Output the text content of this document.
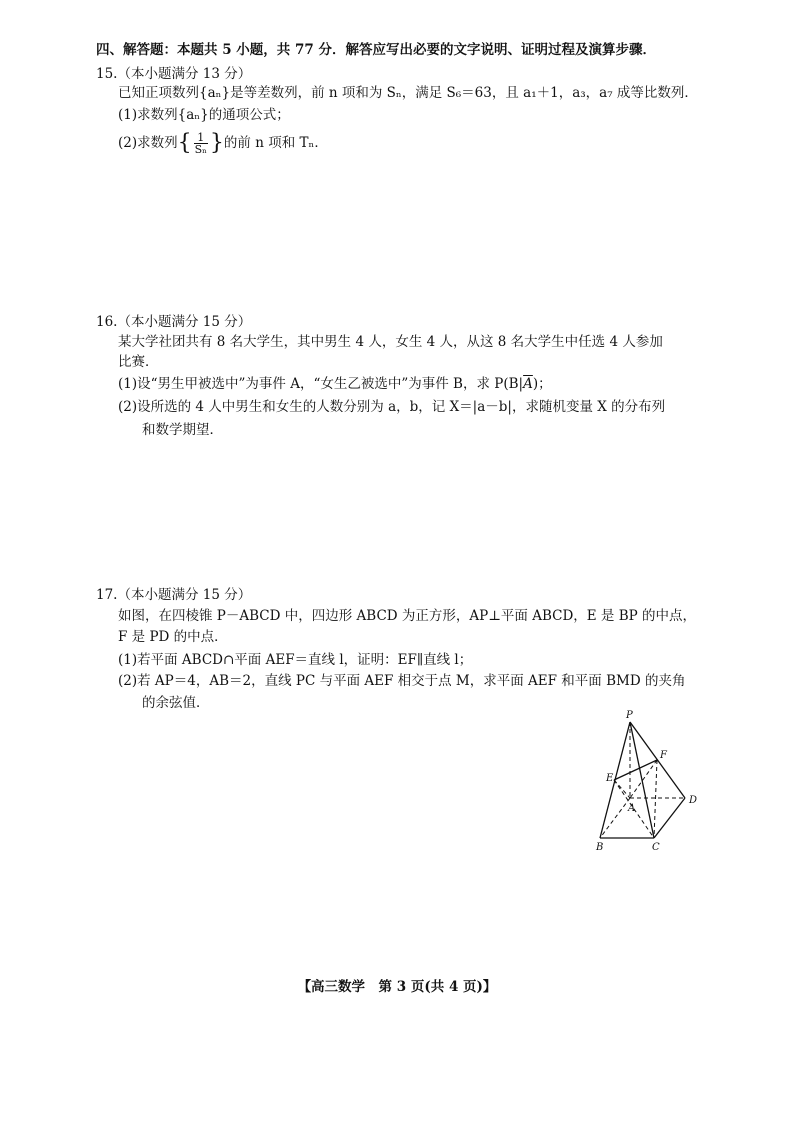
四、解答题：本题共 5 小题，共 77 分．解答应写出必要的文字说明、证明过程及演算步骤．
15.（本小题满分 13 分）
已知正项数列{aₙ}是等差数列，前 n 项和为 Sₙ，满足 S₆＝63，且 a₁＋1，a₃，a₇ 成等比数列．
(1)求数列{aₙ}的通项公式；
(2)求数列{ $\frac{1}{\text{Sₙ}}$ }的前 n 项和 Tₙ．
16.（本小题满分 15 分）
某大学社团共有 8 名大学生，其中男生 4 人，女生 4 人，从这 8 名大学生中任选 4 人参加
比赛．
(1)设“男生甲被选中”为事件 A，“女生乙被选中”为事件 B，求 $P(B|\overline{A})$；
(2)设所选的 4 人中男生和女生的人数分别为 a，b，记 X＝|a－b|，求随机变量 X 的分布列
和数学期望．
17.（本小题满分 15 分）
如图，在四棱锥 P－ABCD 中，四边形 ABCD 为正方形，AP⊥平面 ABCD，E 是 BP 的中点，
F 是 PD 的中点．
(1)若平面 ABCD∩平面 AEF＝直线 l，证明：EF∥直线 l；
(2)若 AP＝4，AB＝2，直线 PC 与平面 AEF 相交于点 M，求平面 AEF 和平面 BMD 的夹角
的余弦值．
P
F
E
A
D
B	C
【高三数学　第 3 页(共 4 页)】
